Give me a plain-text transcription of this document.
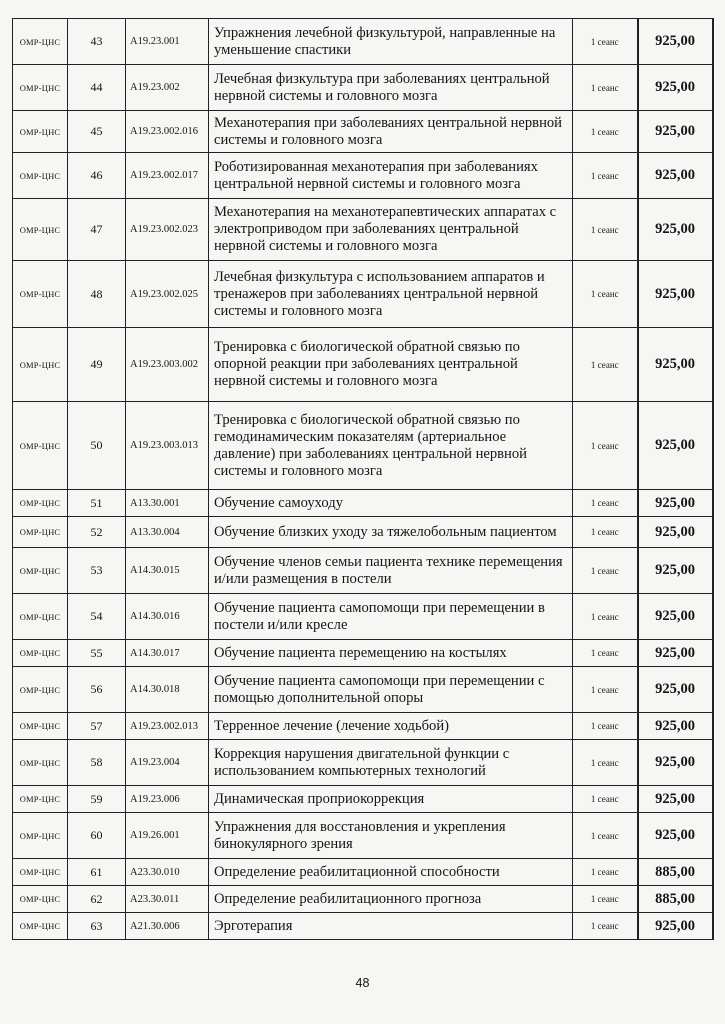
ОМР-ЦНС	43	A19.23.001	Упражнения лечебной физкультурой, направленные на уменьшение спастики	1 сеанс	925,00
ОМР-ЦНС	44	A19.23.002	Лечебная физкультура при заболеваниях центральной нервной системы и головного мозга	1 сеанс	925,00
ОМР-ЦНС	45	A19.23.002.016	Механотерапия при заболеваниях центральной нервной системы и головного мозга	1 сеанс	925,00
ОМР-ЦНС	46	A19.23.002.017	Роботизированная механотерапия при заболеваниях центральной нервной системы и головного мозга	1 сеанс	925,00
ОМР-ЦНС	47	A19.23.002.023	Механотерапия на механотерапевтических аппаратах с электроприводом при заболеваниях центральной нервной системы и головного мозга	1 сеанс	925,00
ОМР-ЦНС	48	A19.23.002.025	Лечебная физкультура с использованием аппаратов и тренажеров при заболеваниях центральной нервной системы и головного мозга	1 сеанс	925,00
ОМР-ЦНС	49	A19.23.003.002	Тренировка с биологической обратной связью по опорной реакции при заболеваниях центральной нервной системы и головного мозга	1 сеанс	925,00
ОМР-ЦНС	50	A19.23.003.013	Тренировка с биологической обратной связью по гемодинамическим показателям (артериальное давление) при заболеваниях центральной нервной системы и головного мозга	1 сеанс	925,00
ОМР-ЦНС	51	A13.30.001	Обучение самоуходу	1 сеанс	925,00
ОМР-ЦНС	52	A13.30.004	Обучение близких уходу за тяжелобольным пациентом	1 сеанс	925,00
ОМР-ЦНС	53	A14.30.015	Обучение членов семьи пациента технике перемещения и/или размещения в постели	1 сеанс	925,00
ОМР-ЦНС	54	A14.30.016	Обучение пациента самопомощи при перемещении в постели и/или кресле	1 сеанс	925,00
ОМР-ЦНС	55	A14.30.017	Обучение пациента перемещению на костылях	1 сеанс	925,00
ОМР-ЦНС	56	A14.30.018	Обучение пациента самопомощи при перемещении с помощью дополнительной опоры	1 сеанс	925,00
ОМР-ЦНС	57	A19.23.002.013	Терренное лечение (лечение ходьбой)	1 сеанс	925,00
ОМР-ЦНС	58	A19.23.004	Коррекция нарушения двигательной функции с использованием компьютерных технологий	1 сеанс	925,00
ОМР-ЦНС	59	A19.23.006	Динамическая проприокоррекция	1 сеанс	925,00
ОМР-ЦНС	60	A19.26.001	Упражнения для восстановления и укрепления бинокулярного зрения	1 сеанс	925,00
ОМР-ЦНС	61	A23.30.010	Определение реабилитационной способности	1 сеанс	885,00
ОМР-ЦНС	62	A23.30.011	Определение реабилитационного прогноза	1 сеанс	885,00
ОМР-ЦНС	63	A21.30.006	Эрготерапия	1 сеанс	925,00
48
